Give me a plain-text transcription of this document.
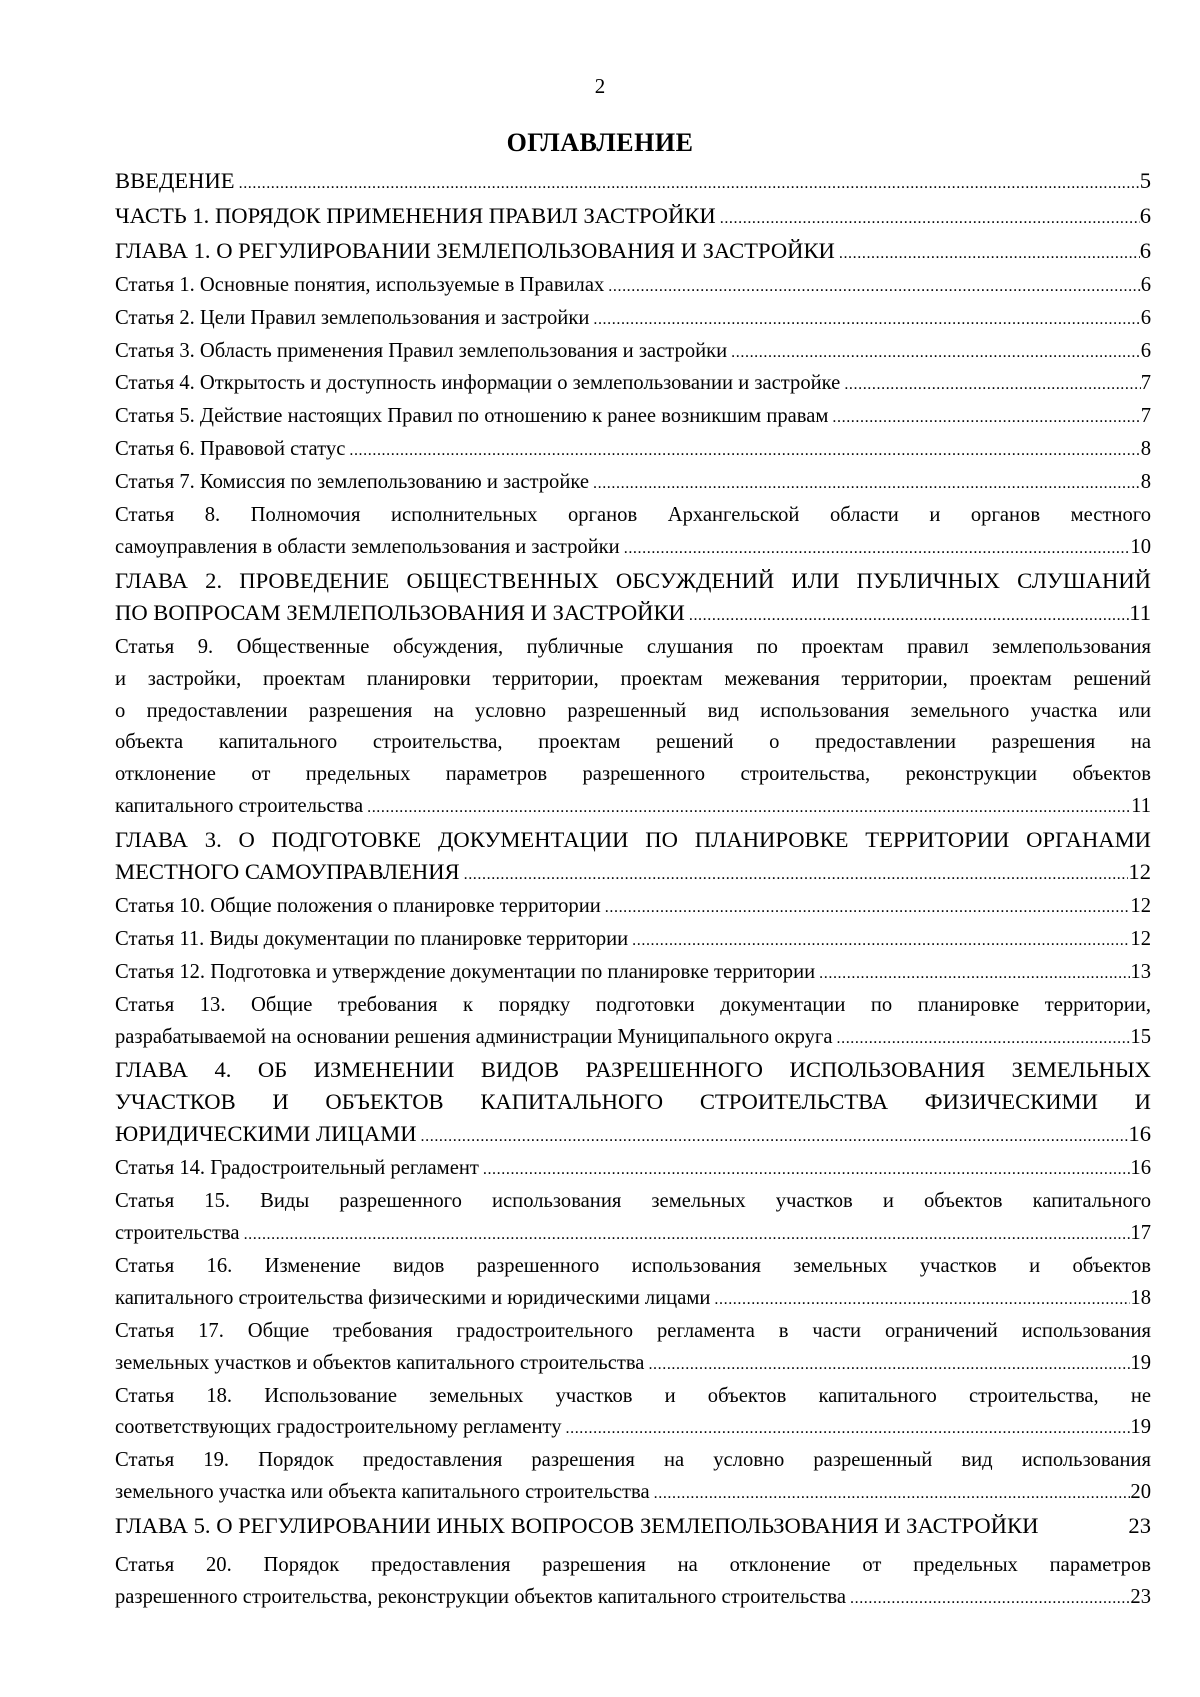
2
ОГЛАВЛЕНИЕ
ВВЕДЕНИЕ .....	5
ЧАСТЬ 1. ПОРЯДОК ПРИМЕНЕНИЯ ПРАВИЛ ЗАСТРОЙКИ .....	6
ГЛАВА 1. О РЕГУЛИРОВАНИИ ЗЕМЛЕПОЛЬЗОВАНИЯ И ЗАСТРОЙКИ .....	6
Статья 1. Основные понятия, используемые в Правилах .....	6
Статья 2. Цели Правил землепользования и застройки .....	6
Статья 3. Область применения Правил землепользования и застройки .....	6
Статья 4. Открытость и доступность информации о землепользовании и застройке .....	7
Статья 5. Действие настоящих Правил по отношению к ранее возникшим правам .....	7
Статья 6. Правовой статус .....	8
Статья 7. Комиссия по землепользованию и застройке .....	8
Статья 8. Полномочия исполнительных органов Архангельской области и органов местного
самоуправления в области землепользования и застройки .....	10
ГЛАВА 2. ПРОВЕДЕНИЕ ОБЩЕСТВЕННЫХ ОБСУЖДЕНИЙ ИЛИ ПУБЛИЧНЫХ СЛУШАНИЙ
ПО ВОПРОСАМ ЗЕМЛЕПОЛЬЗОВАНИЯ И ЗАСТРОЙКИ .....	11
Статья 9. Общественные обсуждения, публичные слушания по проектам правил землепользования
и застройки, проектам планировки территории, проектам межевания территории, проектам решений
о предоставлении разрешения на условно разрешенный вид использования земельного участка или
объекта капитального строительства, проектам решений о предоставлении разрешения на
отклонение от предельных параметров разрешенного строительства, реконструкции объектов
капитального строительства .....	11
ГЛАВА 3. О ПОДГОТОВКЕ ДОКУМЕНТАЦИИ ПО ПЛАНИРОВКЕ ТЕРРИТОРИИ ОРГАНАМИ
МЕСТНОГО САМОУПРАВЛЕНИЯ .....	12
Статья 10. Общие положения о планировке территории .....	12
Статья 11. Виды документации по планировке территории .....	12
Статья 12. Подготовка и утверждение документации по планировке территории .....	13
Статья 13. Общие требования к порядку подготовки документации по планировке территории,
разрабатываемой на основании решения администрации Муниципального округа .....	15
ГЛАВА 4. ОБ ИЗМЕНЕНИИ ВИДОВ РАЗРЕШЕННОГО ИСПОЛЬЗОВАНИЯ ЗЕМЕЛЬНЫХ
УЧАСТКОВ И ОБЪЕКТОВ КАПИТАЛЬНОГО СТРОИТЕЛЬСТВА ФИЗИЧЕСКИМИ И
ЮРИДИЧЕСКИМИ ЛИЦАМИ .....	16
Статья 14. Градостроительный регламент .....	16
Статья 15. Виды разрешенного использования земельных участков и объектов капитального
строительства .....	17
Статья 16. Изменение видов разрешенного использования земельных участков и объектов
капитального строительства физическими и юридическими лицами .....	18
Статья 17. Общие требования градостроительного регламента в части ограничений использования
земельных участков и объектов капитального строительства .....	19
Статья 18. Использование земельных участков и объектов капитального строительства, не
соответствующих градостроительному регламенту .....	19
Статья 19. Порядок предоставления разрешения на условно разрешенный вид использования
земельного участка или объекта капитального строительства .....	20
ГЛАВА 5. О РЕГУЛИРОВАНИИ ИНЫХ ВОПРОСОВ ЗЕМЛЕПОЛЬЗОВАНИЯ И ЗАСТРОЙКИ	23
Статья 20. Порядок предоставления разрешения на отклонение от предельных параметров
разрешенного строительства, реконструкции объектов капитального строительства .....	23
